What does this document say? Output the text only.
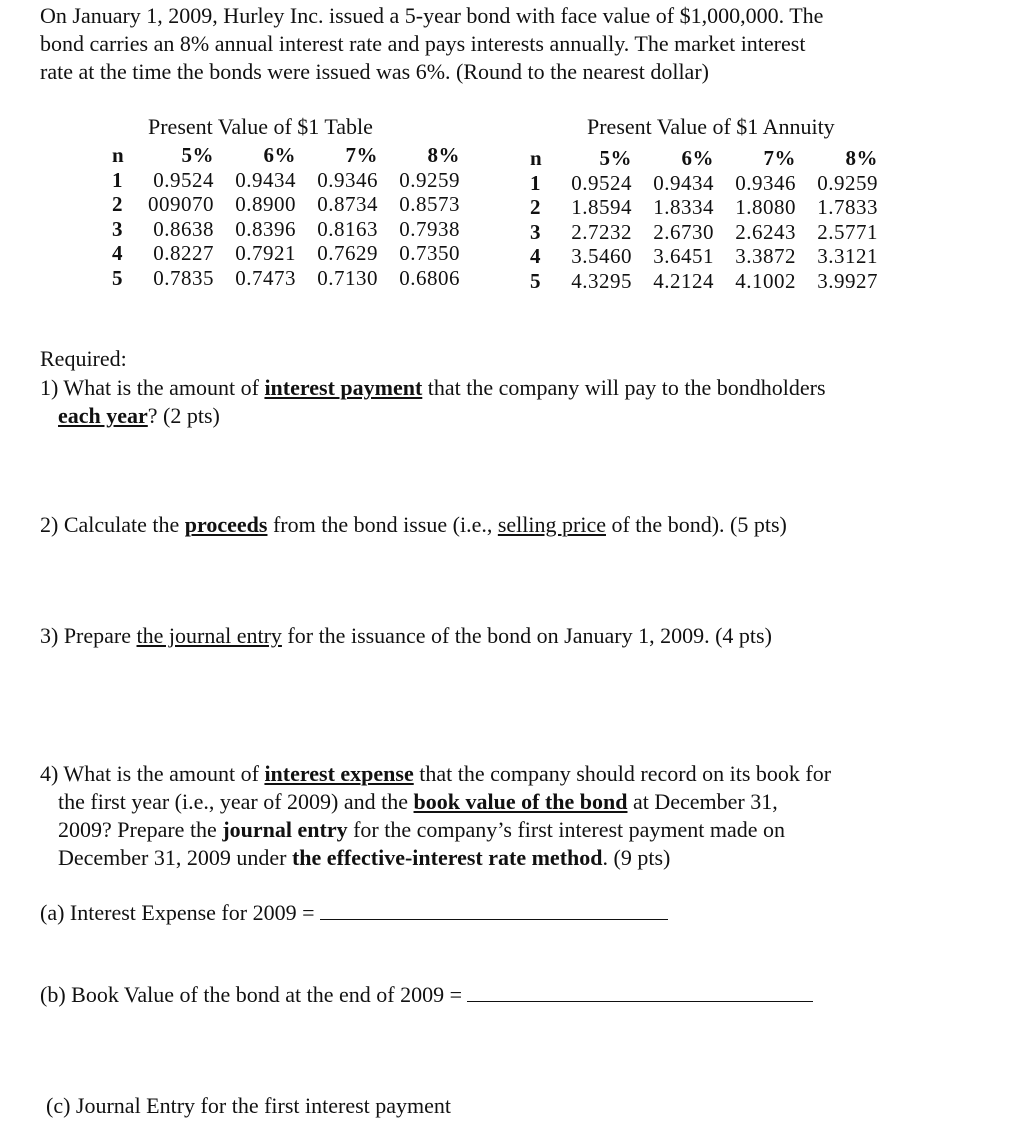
On January 1, 2009, Hurley Inc. issued a 5-year bond with face value of $1,000,000. The
bond carries an 8% annual interest rate and pays interests annually. The market interest
rate at the time the bonds were issued was 6%. (Round to the nearest dollar)
Present Value of $1 Table
n	5%	6%	7%	8%
1	0.9524	0.9434	0.9346	0.9259
2	009070	0.8900	0.8734	0.8573
3	0.8638	0.8396	0.8163	0.7938
4	0.8227	0.7921	0.7629	0.7350
5	0.7835	0.7473	0.7130	0.6806
Present Value of $1 Annuity
n	5%	6%	7%	8%
1	0.9524	0.9434	0.9346	0.9259
2	1.8594	1.8334	1.8080	1.7833
3	2.7232	2.6730	2.6243	2.5771
4	3.5460	3.6451	3.3872	3.3121
5	4.3295	4.2124	4.1002	3.9927
Required:
1) What is the amount of interest payment that the company will pay to the bondholders
each year? (2 pts)
2) Calculate the proceeds from the bond issue (i.e., selling price of the bond). (5 pts)
3) Prepare the journal entry for the issuance of the bond on January 1, 2009. (4 pts)
4) What is the amount of interest expense that the company should record on its book for
the first year (i.e., year of 2009) and the book value of the bond at December 31,
2009? Prepare the journal entry for the company’s first interest payment made on
December 31, 2009 under the effective-interest rate method. (9 pts)
(a) Interest Expense for 2009 =
(b) Book Value of the bond at the end of 2009 =
(c) Journal Entry for the first interest payment
